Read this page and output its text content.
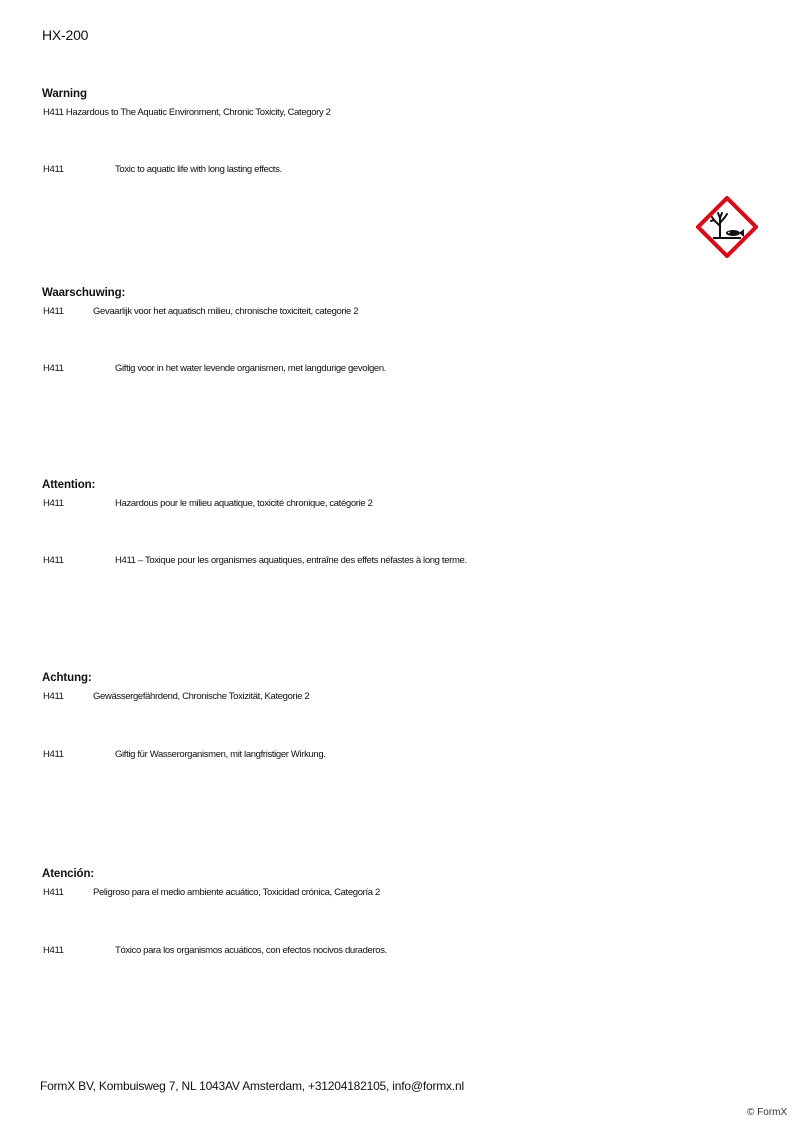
HX-200
Warning
H411 Hazardous to The Aquatic Environment, Chronic Toxicity, Category 2
H411	Toxic to aquatic life with long lasting effects.
Waarschuwing:
H411	Gevaarlijk voor het aquatisch milieu, chronische toxiciteit, categorie 2
H411	Giftig voor in het water levende organismen, met langdurige gevolgen.
Attention:
H411	Hazardous pour le milieu aquatique, toxicité chronique, catégorie 2
H411	H411 – Toxique pour les organismes aquatiques, entraîne des effets néfastes à long terme.
Achtung:
H411	Gewässergefährdend, Chronische Toxizität, Kategorie 2
H411	Giftig für Wasserorganismen, mit langfristiger Wirkung.
Atención:
H411	Peligroso para el medio ambiente acuático, Toxicidad crónica, Categoría 2
H411	Tóxico para los organismos acuáticos, con efectos nocivos duraderos.
FormX BV, Kombuisweg 7, NL 1043AV Amsterdam, +31204182105, info@formx.nl
© FormX
